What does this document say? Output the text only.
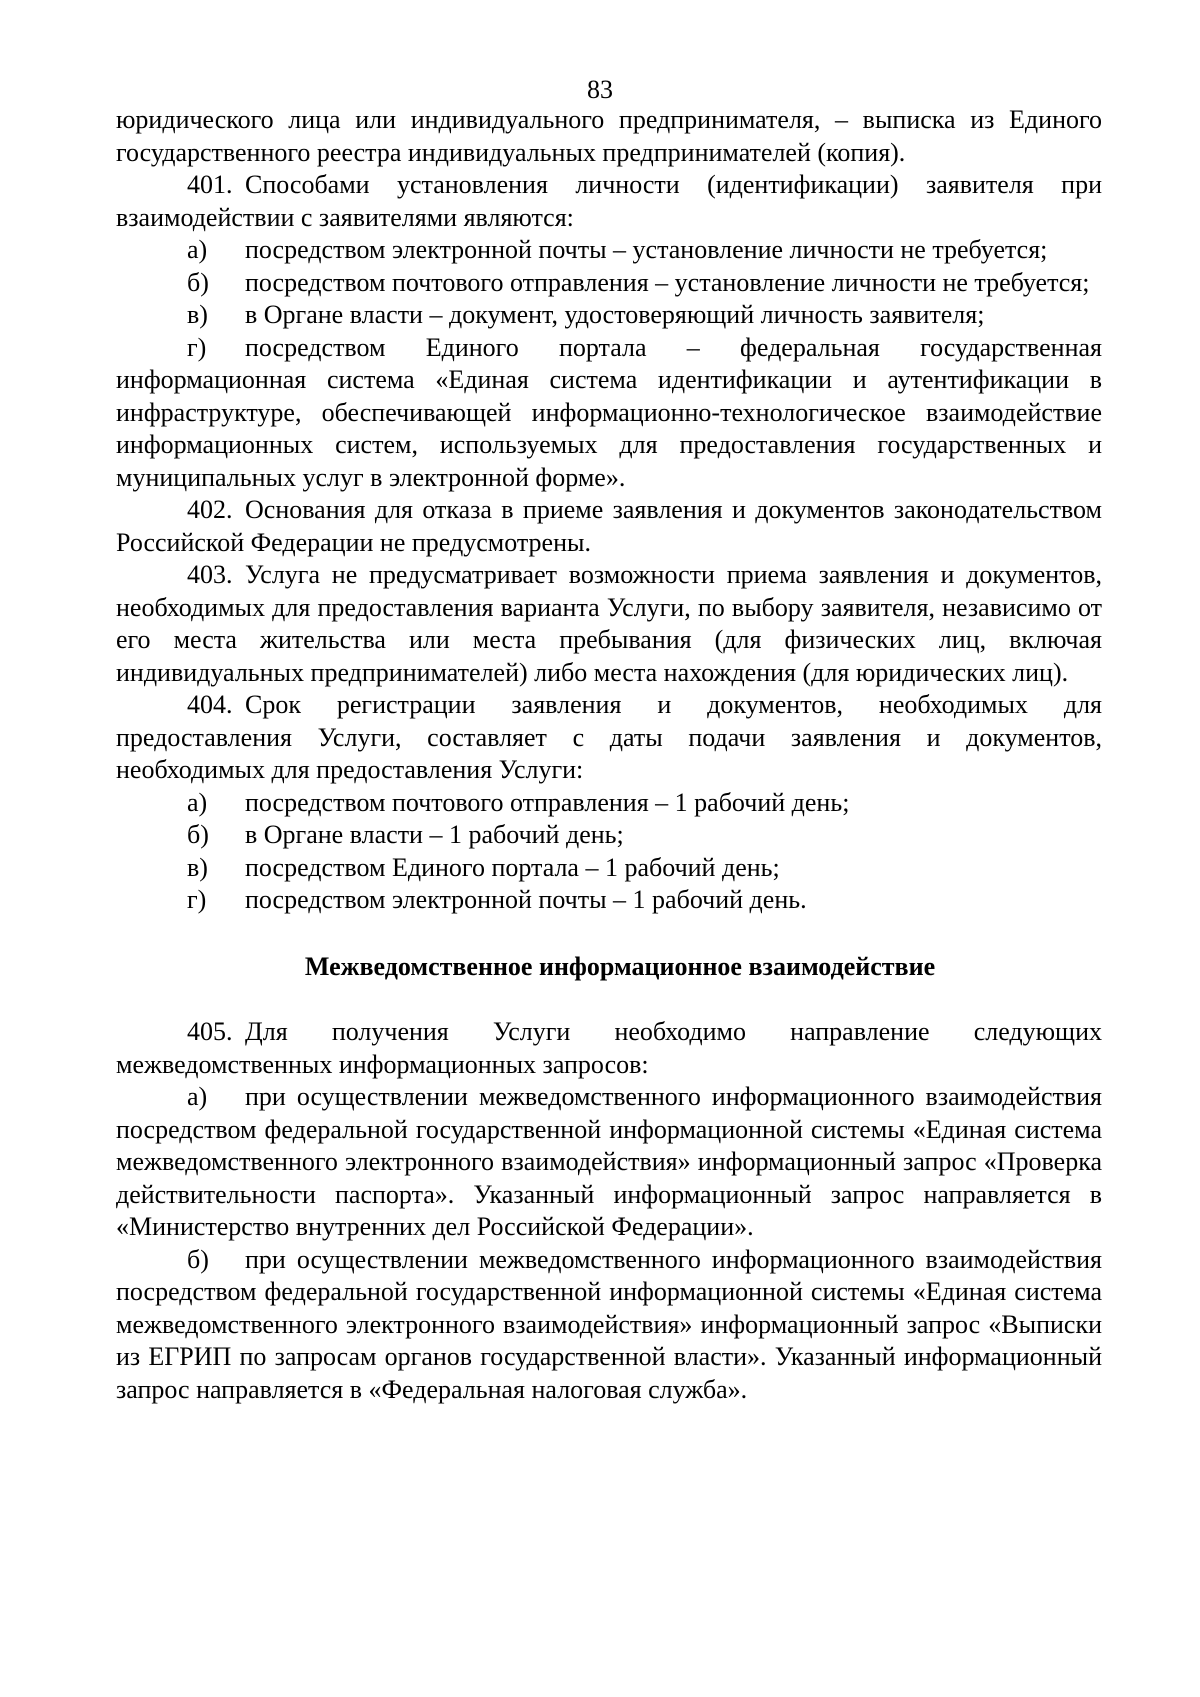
83

юридического лица или индивидуального предпринимателя, – выписка из Единого государственного реестра индивидуальных предпринимателей (копия).

401. Способами установления личности (идентификации) заявителя при взаимодействии с заявителями являются:

а) посредством электронной почты – установление личности не требуется;

б) посредством почтового отправления – установление личности не требуется;

в) в Органе власти – документ, удостоверяющий личность заявителя;

г) посредством Единого портала – федеральная государственная информационная система «Единая система идентификации и аутентификации в инфраструктуре, обеспечивающей информационно-технологическое взаимодействие информационных систем, используемых для предоставления государственных и муниципальных услуг в электронной форме».

402. Основания для отказа в приеме заявления и документов законодательством Российской Федерации не предусмотрены.

403. Услуга не предусматривает возможности приема заявления и документов, необходимых для предоставления варианта Услуги, по выбору заявителя, независимо от его места жительства или места пребывания (для физических лиц, включая индивидуальных предпринимателей) либо места нахождения (для юридических лиц).

404. Срок регистрации заявления и документов, необходимых для предоставления Услуги, составляет с даты подачи заявления и документов, необходимых для предоставления Услуги:

а) посредством почтового отправления – 1 рабочий день;

б) в Органе власти – 1 рабочий день;

в) посредством Единого портала – 1 рабочий день;

г) посредством электронной почты – 1 рабочий день.

Межведомственное информационное взаимодействие

405. Для получения Услуги необходимо направление следующих межведомственных информационных запросов:

а) при осуществлении межведомственного информационного взаимодействия посредством федеральной государственной информационной системы «Единая система межведомственного электронного взаимодействия» информационный запрос «Проверка действительности паспорта». Указанный информационный запрос направляется в «Министерство внутренних дел Российской Федерации».

б) при осуществлении межведомственного информационного взаимодействия посредством федеральной государственной информационной системы «Единая система межведомственного электронного взаимодействия» информационный запрос «Выписки из ЕГРИП по запросам органов государственной власти». Указанный информационный запрос направляется в «Федеральная налоговая служба».
